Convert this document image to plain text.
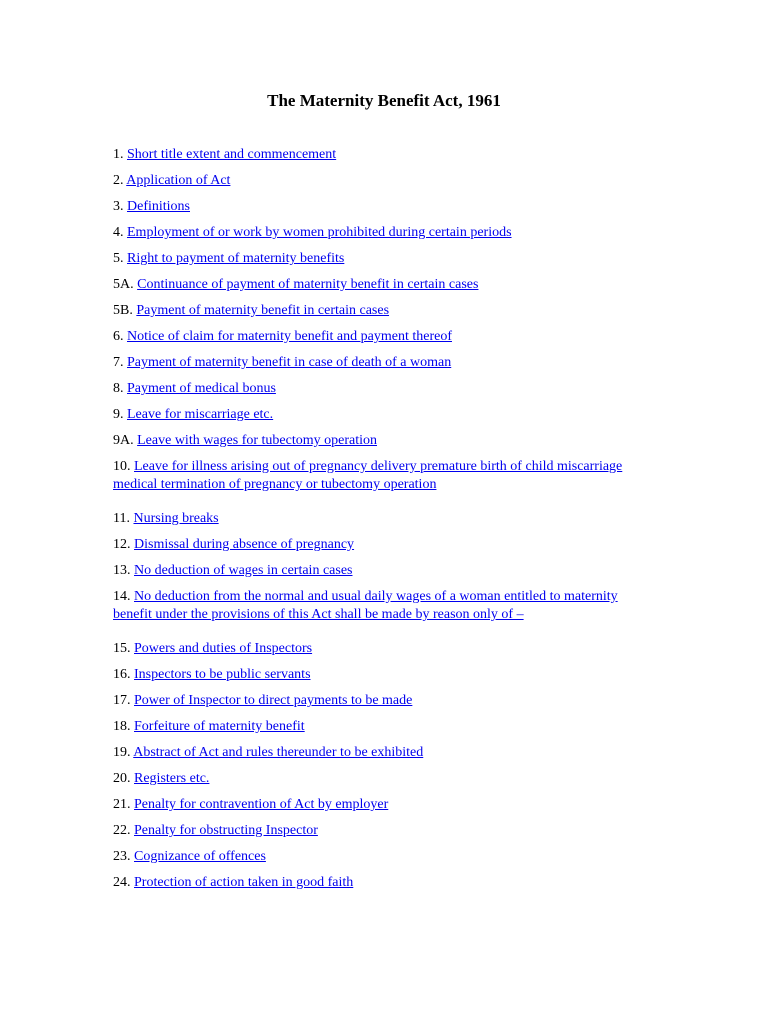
The Maternity Benefit Act, 1961
1. Short title extent and commencement
2. Application of Act
3. Definitions
4. Employment of or work by women prohibited during certain periods
5. Right to payment of maternity benefits
5A. Continuance of payment of maternity benefit in certain cases
5B. Payment of maternity benefit in certain cases
6. Notice of claim for maternity benefit and payment thereof
7. Payment of maternity benefit in case of death of a woman
8. Payment of medical bonus
9. Leave for miscarriage etc.
9A. Leave with wages for tubectomy operation
10. Leave for illness arising out of pregnancy delivery premature birth of child miscarriage medical termination of pregnancy or tubectomy operation
11. Nursing breaks
12. Dismissal during absence of pregnancy
13. No deduction of wages in certain cases
14. No deduction from the normal and usual daily wages of a woman entitled to maternity benefit under the provisions of this Act shall be made by reason only of –
15. Powers and duties of Inspectors
16. Inspectors to be public servants
17. Power of Inspector to direct payments to be made
18. Forfeiture of maternity benefit
19. Abstract of Act and rules thereunder to be exhibited
20. Registers etc.
21. Penalty for contravention of Act by employer
22. Penalty for obstructing Inspector
23. Cognizance of offences
24. Protection of action taken in good faith
